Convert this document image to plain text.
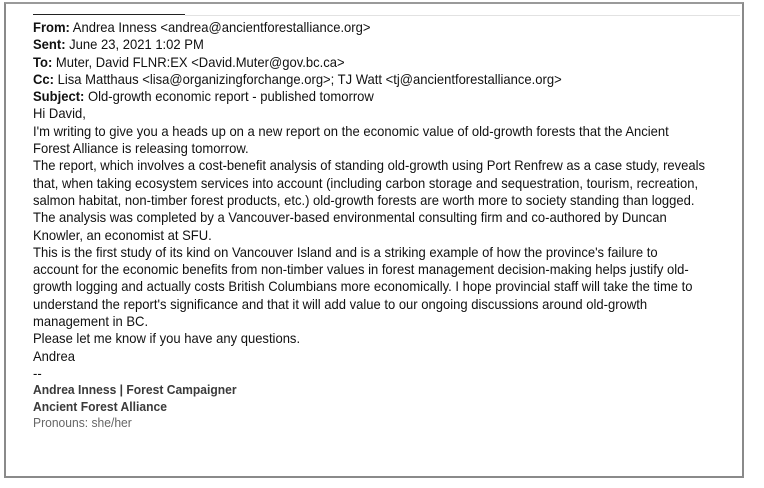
From: Andrea Inness <andrea@ancientforestalliance.org>
Sent: June 23, 2021 1:02 PM
To: Muter, David FLNR:EX <David.Muter@gov.bc.ca>
Cc: Lisa Matthaus <lisa@organizingforchange.org>; TJ Watt <tj@ancientforestalliance.org>
Subject: Old-growth economic report - published tomorrow
Hi David,
I'm writing to give you a heads up on a new report on the economic value of old-growth forests that the Ancient
Forest Alliance is releasing tomorrow.
The report, which involves a cost-benefit analysis of standing old-growth using Port Renfrew as a case study, reveals
that, when taking ecosystem services into account (including carbon storage and sequestration, tourism, recreation,
salmon habitat, non-timber forest products, etc.) old-growth forests are worth more to society standing than logged.
The analysis was completed by a Vancouver-based environmental consulting firm and co-authored by Duncan
Knowler, an economist at SFU.
This is the first study of its kind on Vancouver Island and is a striking example of how the province's failure to
account for the economic benefits from non-timber values in forest management decision-making helps justify old-
growth logging and actually costs British Columbians more economically. I hope provincial staff will take the time to
understand the report's significance and that it will add value to our ongoing discussions around old-growth
management in BC.
Please let me know if you have any questions.
Andrea
--
Andrea Inness | Forest Campaigner
Ancient Forest Alliance
Pronouns: she/her
